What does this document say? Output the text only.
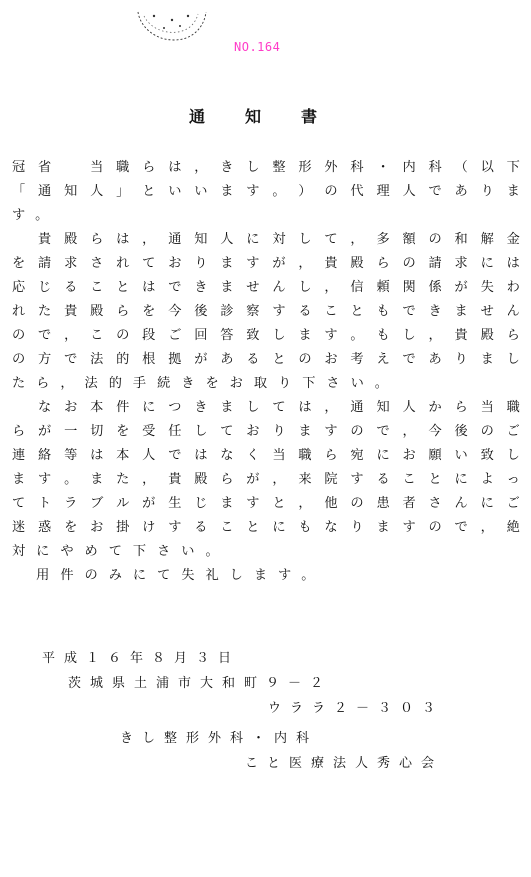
NO.164
通知書
冠 省
　	当 職 ら は ， き し 整 形 外 科 ・ 内 科 （ 以 下
「 通 知 人 」 と い い ま す 。 ） の 代 理 人 で あ り ま
す。

貴 殿 ら は ， 通 知 人 に 対 し て ， 多 額 の 和 解 金
を 請 求 さ れ て お り ま す が ， 貴 殿 ら の 請 求 に は
応 じ る こ と は で き ま せ ん し ， 信 頼 関 係 が 失 わ
れ た 貴 殿 ら を 今 後 診 察 す る こ と も で き ま せ ん
の で ， こ の 段 ご 回 答 致 し ま す 。 も し ， 貴 殿 ら
の 方 で 法 的 根 拠 が あ る と の お 考 え で あ り ま し
たら，法的手続きをお取り下さい。

な お 本 件 に つ き ま し て は ， 通 知 人 か ら 当 職
ら が 一 切 を 受 任 し て お り ま す の で ， 今 後 の ご
連 絡 等 は 本 人 で は な く 当 職 ら 宛 に お 願 い 致 し
ま す 。 ま た ， 貴 殿 ら が ， 来 院 す る こ と に よ っ
て ト ラ ブ ル が 生 じ ま す と ， 他 の 患 者 さ ん に ご
迷 惑 を お 掛 け す る こ と に も な り ま す の で ， 絶
対にやめて下さい。
　用件のみにて失礼します。
平成１６年８月３日
茨城県土浦市大和町９－２
ウララ２－３０３
きし整形外科・内科
こと医療法人秀心会
